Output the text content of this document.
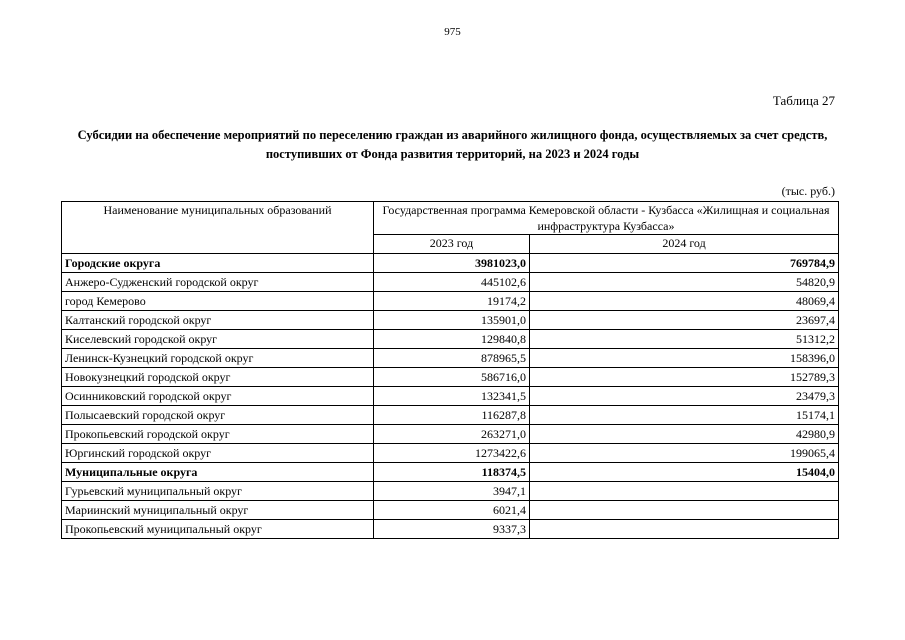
975
Таблица 27
Субсидии на обеспечение мероприятий по переселению граждан из аварийного жилищного фонда, осуществляемых за счет средств, поступивших от Фонда развития территорий, на 2023 и 2024 годы
(тыс. руб.)
Наименование муниципальных образований	Государственная программа Кемеровской области - Кузбасса «Жилищная и социальная инфраструктура Кузбасса»	
	2023 год	2024 год
Городские округа	3981023,0	769784,9
Анжеро-Судженский городской округ	445102,6	54820,9
город Кемерово	19174,2	48069,4
Калтанский городской округ	135901,0	23697,4
Киселевский городской округ	129840,8	51312,2
Ленинск-Кузнецкий городской округ	878965,5	158396,0
Новокузнецкий городской округ	586716,0	152789,3
Осинниковский городской округ	132341,5	23479,3
Полысаевский городской округ	116287,8	15174,1
Прокопьевский городской округ	263271,0	42980,9
Юргинский городской округ	1273422,6	199065,4
Муниципальные округа	118374,5	15404,0
Гурьевский муниципальный округ	3947,1	
Мариинский муниципальный округ	6021,4	
Прокопьевский муниципальный округ	9337,3	
